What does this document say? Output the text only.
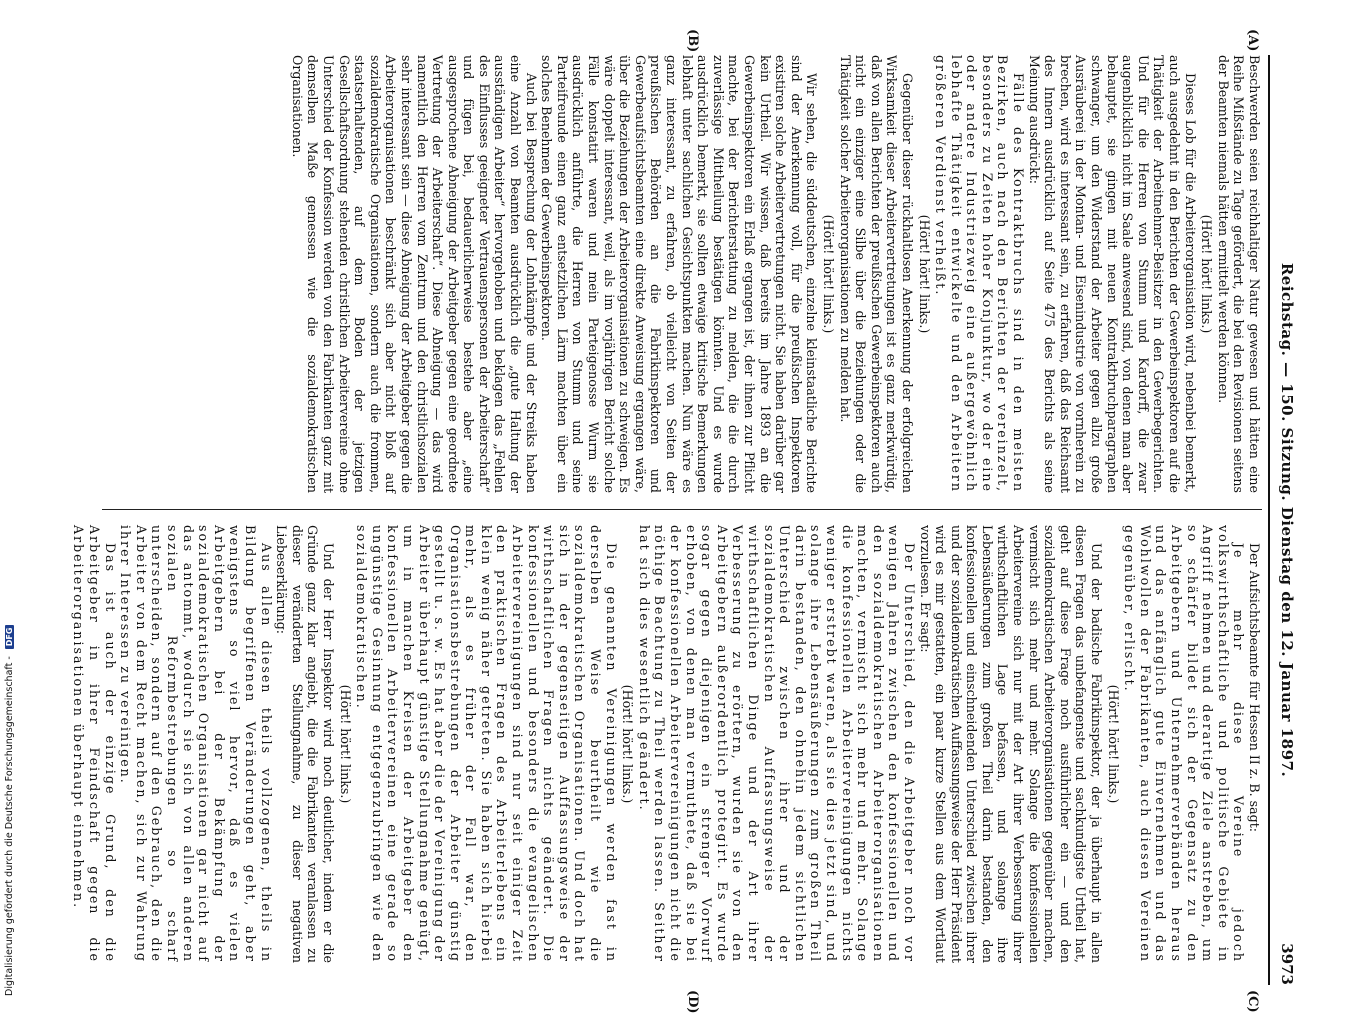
Reichstag. — 150. Sitzung. Dienstag den 12. Januar 1897.
3973
(A)
(B)
(C)
(D)

Beschwerden seien reichhaltiger Natur gewesen und hätten eine Reihe Mißstände zu Tage gefördert, die bei den Revisionen seitens der Beamten niemals hätten ermittelt werden können.

(Hört! hört! links.)

Dieses Lob für die Arbeiterorganisation wird, nebenbei bemerkt, auch ausgedehnt in den Berichten der Gewerbeinspektoren auf die Thätigkeit der Arbeitnehmer-Beisitzer in den Gewerbegerichten. Und für die Herren von Stumm und Kardorff, die zwar augenblicklich nicht im Saale anwesend sind, von denen man aber behauptet, sie gingen mit neuen Kontraktbruchparagraphen schwanger, um den Widerstand der Arbeiter gegen allzu große Ausräuberei in der Montan- und Eisenindustrie von vornherein zu brechen, wird es interessant sein, zu erfahren, daß das Reichsamt des Innern ausdrücklich auf Seite 475 des Berichts als seine Meinung ausdrückt:

Fälle des Kontraktbruchs sind in den meisten Bezirken, auch nach den Berichten der vereinzelt, besonders zu Zeiten hoher Konjunktur, wo der eine oder andere Industriezweig eine außergewöhnlich lebhafte Thätigkeit entwickelte und den Arbeitern größeren Verdienst verheißt.

(Hört! hört! links.)

Gegenüber dieser rückhaltlosen Anerkennung der erfolgreichen Wirksamkeit dieser Arbeitervertretungen ist es ganz merkwürdig, daß von allen Berichten der preußischen Gewerbeinspektoren auch nicht ein einziger eine Silbe über die Beziehungen oder die Thätigkeit solcher Arbeiterorganisationen zu melden hat.

(Hört! hört! links.)

Wir sehen, die süddeutschen, einzelne kleinstaatliche Berichte sind der Anerkennung voll, für die preußischen Inspektoren existiren solche Arbeitervertretungen nicht. Sie haben darüber gar kein Urtheil. Wir wissen, daß bereits im Jahre 1893 an die Gewerbeinspektoren ein Erlaß ergangen ist, der ihnen zur Pflicht machte, bei der Berichterstattung zu melden, die die durch zuverlässige Mittheilung bestätigen könnten. Und es wurde ausdrücklich bemerkt, sie sollten etwaige kritische Bemerkungen lebhaft unter sachlichen Gesichtspunkten machen. Nun wäre es ganz interessant, zu erfahren, ob vielleicht von Seiten der preußischen Behörden an die Fabrikinspektoren und Gewerbeaufsichtsbeamten eine direkte Anweisung ergangen wäre, über die Beziehungen der Arbeiterorganisationen zu schweigen. Es wäre doppelt interessant, weil, als im vorjährigen Bericht solche Fälle konstatirt waren und mein Parteigenosse Wurm sie ausdrücklich anführte, die Herren von Stumm und seine Parteifreunde einen ganz entsetzlichen Lärm machten über ein solches Benehmen der Gewerbeinspektoren.

Auch bei Besprechung der Lohnkämpfe und der Streiks haben eine Anzahl von Beamten ausdrücklich die „gute Haltung der ausständigen Arbeiter“ hervorgehoben und beklagen das „Fehlen des Einflusses geeigneter Vertrauenspersonen der Arbeiterschaft“ und fügen bei, bedauerlicherweise bestehe aber „eine ausgesprochene Abneigung der Arbeitgeber gegen eine geordnete Vertretung der Arbeiterschaft“. Diese Abneigung — das wird namentlich den Herren vom Zentrum und den christlichsozialen sehr interessant sein — diese Abneigung der Arbeitgeber gegen die Arbeiterorganisationen beschränkt sich aber nicht bloß auf sozialdemokratische Organisationen, sondern auch die frommen, staatserhaltenden, auf dem Boden der jetzigen Gesellschaftsordnung stehenden christlichen Arbeitervereine ohne Unterschied der Konfession werden von den Fabrikanten ganz mit demselben Maße gemessen wie die sozialdemokratischen Organisationen.

Der Aufsichtsbeamte für Hessen II z. B. sagt:

Je mehr diese Vereine jedoch volkswirthschaftliche und politische Gebiete in Angriff nehmen und derartige Ziele anstreben, um so schärfer bildet sich der Gegensatz zu den Arbeitgebern und Unternehmerverbänden heraus und das anfänglich gute Einvernehmen und das Wohlwollen der Fabrikanten, auch diesen Vereinen gegenüber, erlischt.

(Hört! hört! links.)

Und der badische Fabrikinspektor, der ja überhaupt in allen diesen Fragen das unbefangenste und sachkundigste Urtheil hat, geht auf diese Frage noch ausführlicher ein — und den sozialdemokratischen Arbeiterorganisationen gegenüber machen, vermischt sich mehr und mehr. Solange die konfessionellen Arbeitervereine sich nur mit der Art ihrer Verbesserung ihrer wirthschaftlichen Lage befassen, und solange ihre Lebensäußerungen zum großen Theil darin bestanden, den konfessionellen und einschneidenden Unterschied zwischen ihrer und der sozialdemokratischen Auffassungsweise der Herr Präsident wird es mir gestatten, ein paar kurze Stellen aus dem Wortlaut vorzulesen. Er sagt:

Der Unterschied, den die Arbeitgeber noch vor wenigen Jahren zwischen den konfessionellen und den sozialdemokratischen Arbeiterorganisationen machten, vermischt sich mehr und mehr. Solange die konfessionellen Arbeitervereinigungen nichts weniger erstrebt waren, als sie dies jetzt sind, und solange ihre Lebensäußerungen zum großen Theil darin bestanden, den ohnehin jedem sichtlichen Unterschied zwischen ihrer und der sozialdemokratischen Auffassungsweise der wirthschaftlichen Dinge und der Art ihrer Verbesserung zu erörtern, wurden sie von den Arbeitgebern außerordentlich protegirt. Es wurde sogar gegen diejenigen ein strenger Vorwurf erhoben, von denen man vermuthete, daß sie bei der konfessionellen Arbeitervereinigungen nicht die nöthige Beachtung zu Theil werden lassen. Seither hat sich dies wesentlich geändert.

(Hört! hört! links.)

Die genannten Vereinigungen werden fast in derselben Weise beurtheilt wie die sozialdemokratischen Organisationen. Und doch hat sich in der gegenseitigen Auffassungsweise der wirthschaftlichen Fragen nichts geändert. Die konfessionellen und besonders die evangelischen Arbeitervereinigungen sind nur seit einiger Zeit den praktischen Fragen des Arbeiterlebens ein klein wenig näher getreten. Sie haben sich hierbei mehr, als es früher der Fall war, den Organisationsbestrebungen der Arbeiter günstig gestellt u. s. w. Es hat aber die der Vereinigung der Arbeiter überhaupt günstige Stellungnahme genügt, um in manchen Kreisen der Arbeitgeber den konfessionellen Arbeitervereinen eine gerade so ungünstige Gesinnung entgegenzubringen wie den sozialdemokratischen.

(Hört! hört! links.)

Und der Herr Inspektor wird noch deutlicher, indem er die Gründe ganz klar angiebt, die die Fabrikanten veranlassen zu dieser veränderten Stellungnahme, zu dieser negativen Liebeserklärung:

Aus allen diesen theils vollzogenen, theils in Bildung begriffenen Veränderungen geht, aber wenigstens so viel hervor, daß es vielen Arbeitgebern bei der Bekämpfung der sozialdemokratischen Organisationen gar nicht auf das antommt, wodurch sie sich von allen anderen sozialen Reformbestrebungen so scharf unterscheiden, sondern auf den Gebrauch, den die Arbeiter von dem Recht machen, sich zur Wahrung ihrer Interessen zu vereinigen.

Das ist auch der einzige Grund, den die Arbeitgeber in ihrer Feindschaft gegen die Arbeiterorganisationen überhaupt einnehmen.

Digitalisierung gefördert durch die Deutsche Forschungsgemeinschaft - DFG
